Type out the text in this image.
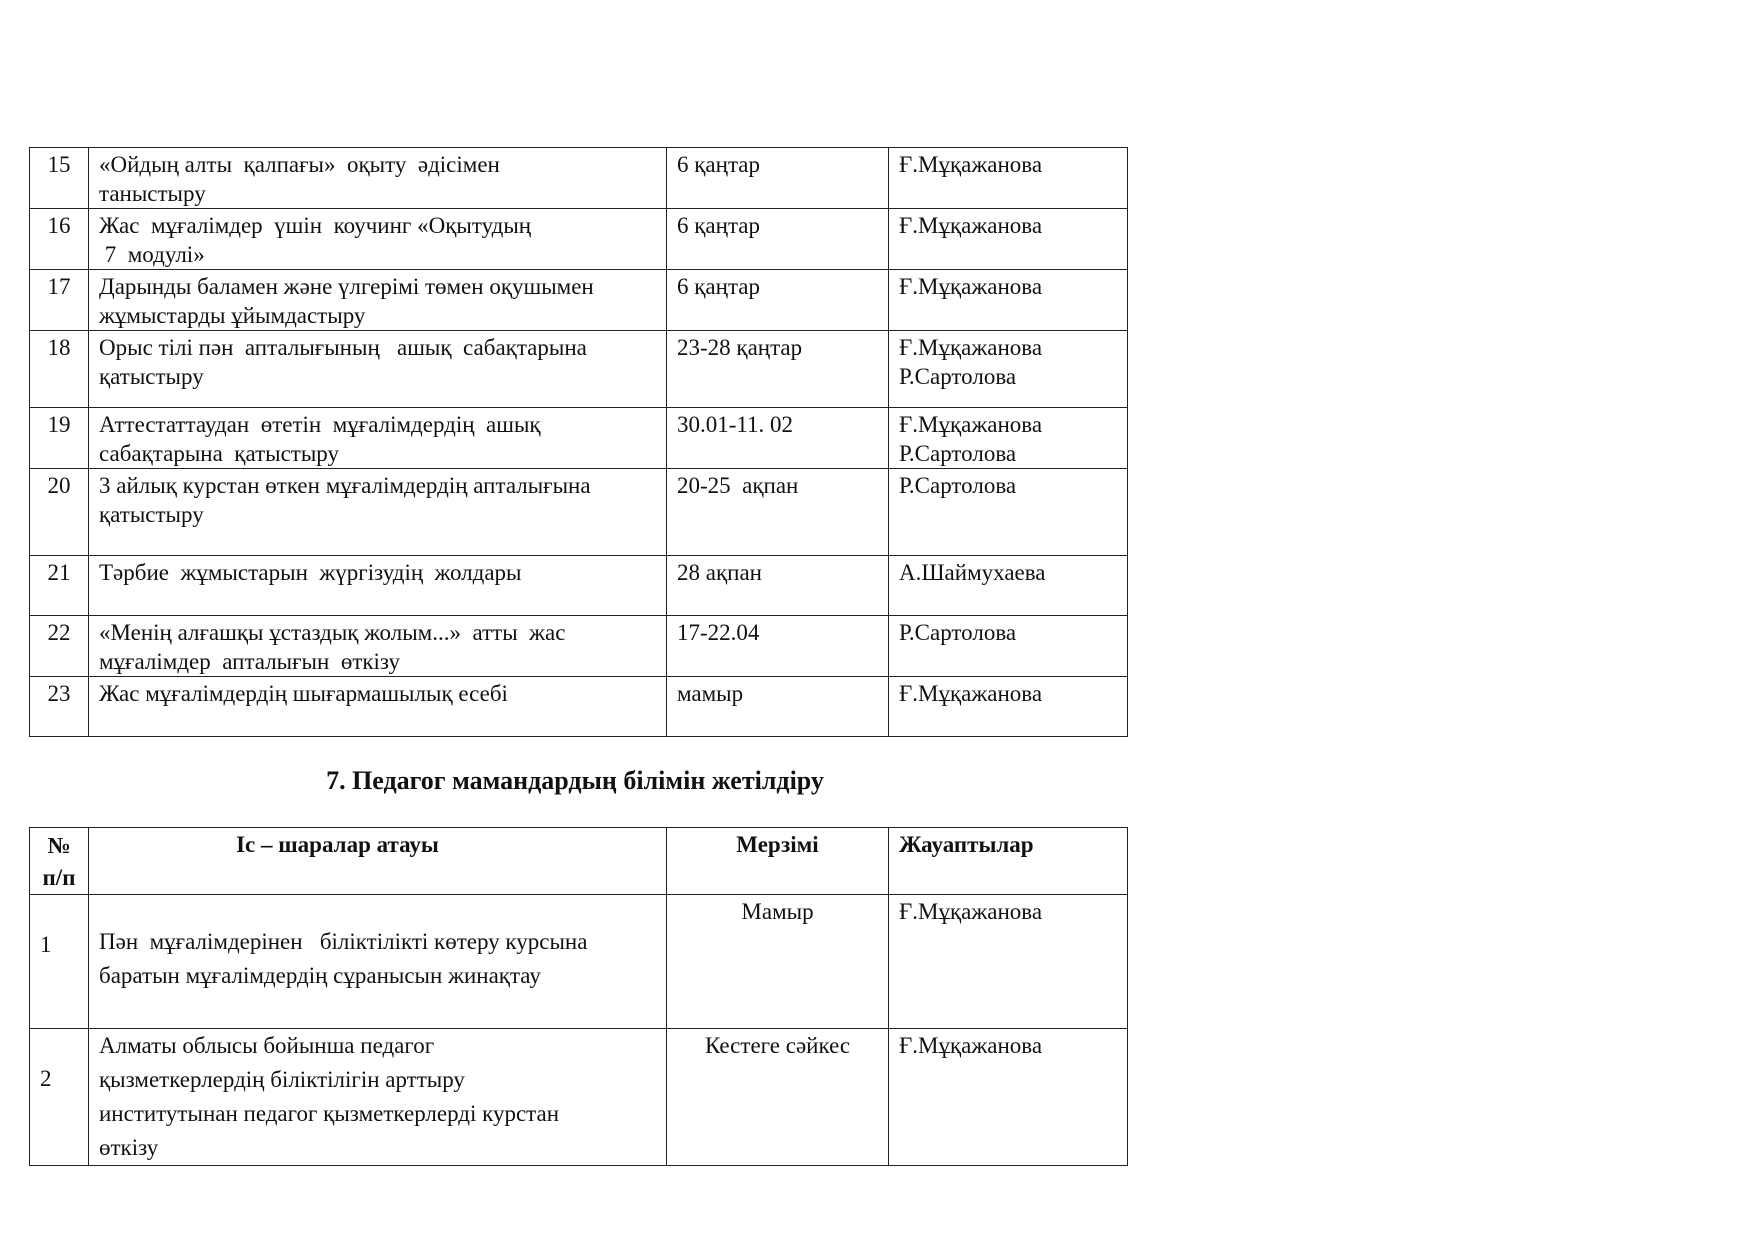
15	«Ойдың алты  қалпағы»  оқыту  әдісімен
таныстыру	6 қаңтар	Ғ.Мұқажанова

16	Жас  мұғалімдер  үшін  коучинг «Оқытудың
7  модулі»	6 қаңтар	Ғ.Мұқажанова

17	Дарынды баламен және үлгерімі төмен оқушымен
жұмыстарды ұйымдастыру	6 қаңтар	Ғ.Мұқажанова

18	Орыс тілі пән  апталығының   ашық  сабақтарына
қатыстыру	23-28 қаңтар	Ғ.Мұқажанова
Р.Сартолова

19	Аттестаттаудан  өтетін  мұғалімдердің  ашық
сабақтарына  қатыстыру	30.01-11. 02	Ғ.Мұқажанова
Р.Сартолова

20	3 айлық курстан өткен мұғалімдердің апталығына
қатыстыру	20-25  ақпан	Р.Сартолова

21	Тәрбие  жұмыстарын  жүргізудің  жолдары	28 ақпан	А.Шаймухаева

22	«Менің алғашқы ұстаздық жолым...»  атты  жас
мұғалімдер  апталығын  өткізу	17-22.04	Р.Сартолова

23	Жас мұғалімдердің шығармашылық есебі	мамыр	Ғ.Мұқажанова
7. Педагог мамандардың білімін жетілдіру
№
п/п	Іс – шаралар атауы	Мерзімі	Жауаптылар
1	Пән  мұғалімдерінен   біліктілікті көтеру курсына
баратын мұғалімдердің сұранысын жинақтау	Мамыр	Ғ.Мұқажанова
2	Алматы облысы бойынша педагог
қызметкерлердің біліктілігін арттыру
институтынан педагог қызметкерлерді курстан
өткізу	Кестеге сәйкес	Ғ.Мұқажанова
